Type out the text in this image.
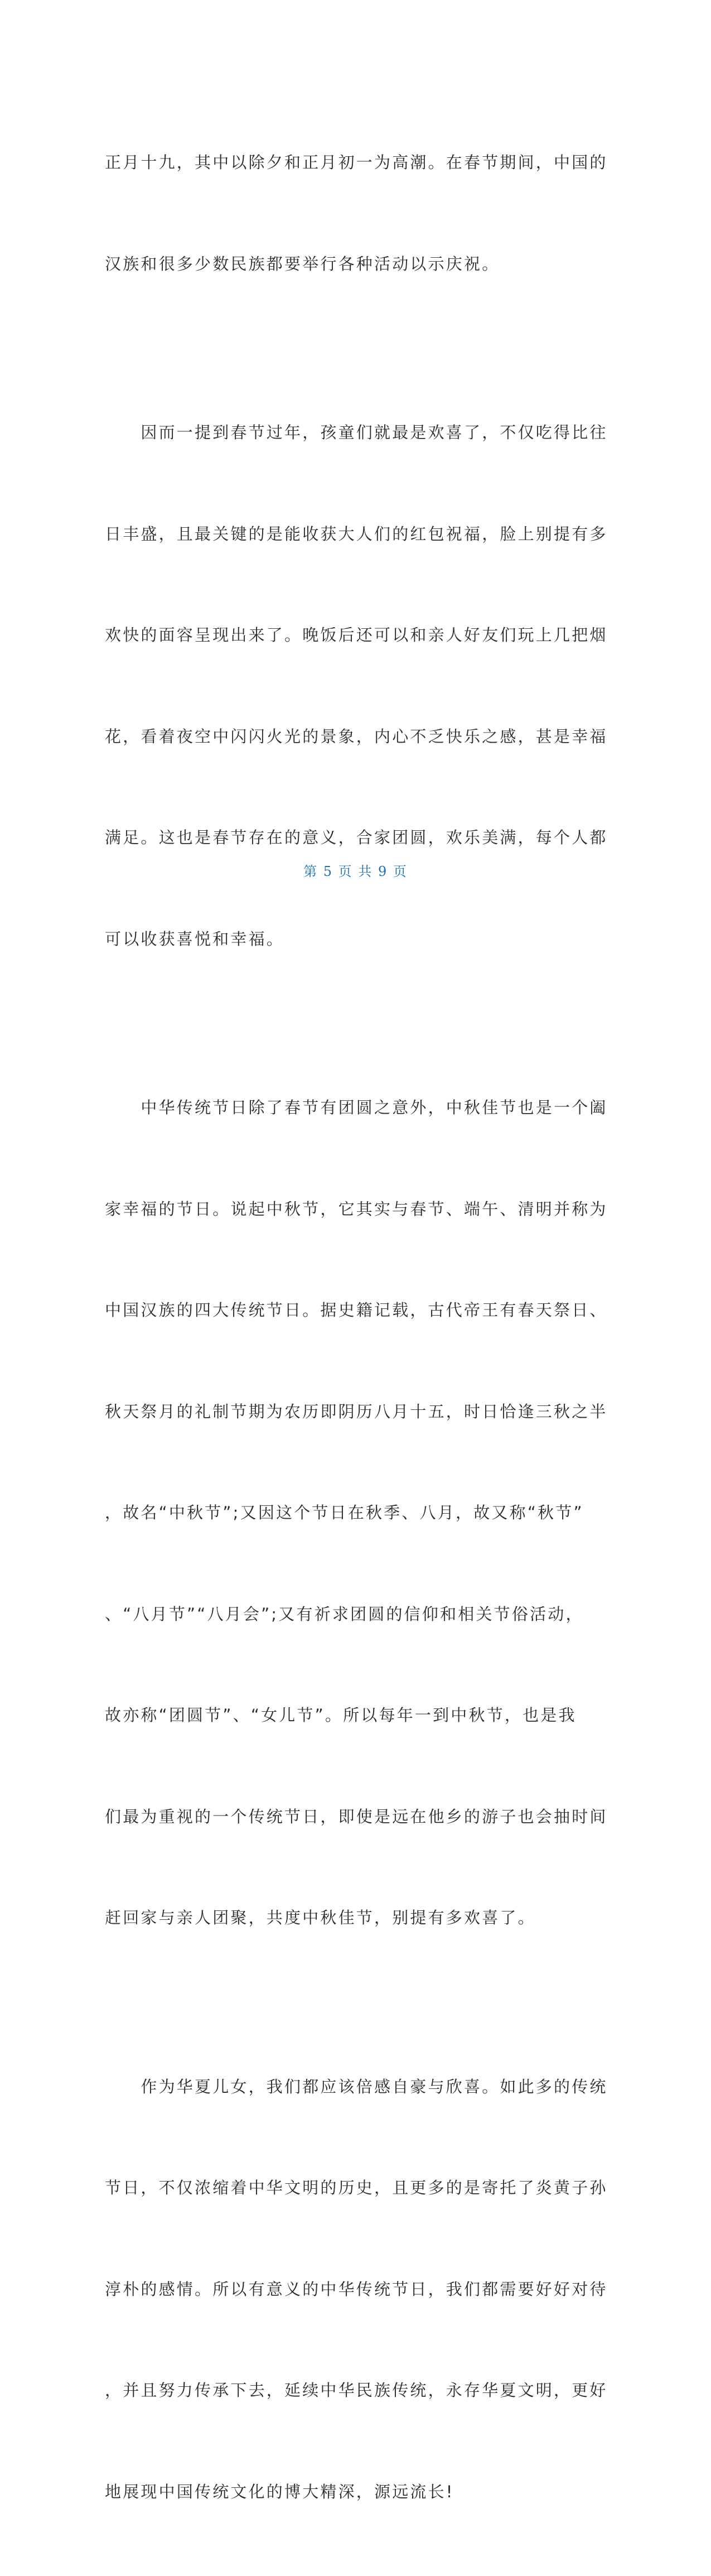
正月十九，其中以除夕和正月初一为高潮。在春节期间，中国的

汉族和很多少数民族都要举行各种活动以示庆祝。

　　因而一提到春节过年，孩童们就最是欢喜了，不仅吃得比往

日丰盛，且最关键的是能收获大人们的红包祝福，脸上别提有多

欢快的面容呈现出来了。晚饭后还可以和亲人好友们玩上几把烟

花，看着夜空中闪闪火光的景象，内心不乏快乐之感，甚是幸福

满足。这也是春节存在的意义，合家团圆，欢乐美满，每个人都

可以收获喜悦和幸福。

　　中华传统节日除了春节有团圆之意外，中秋佳节也是一个阖

家幸福的节日。说起中秋节，它其实与春节、端午、清明并称为

中国汉族的四大传统节日。据史籍记载，古代帝王有春天祭日、

秋天祭月的礼制节期为农历即阴历八月十五，时日恰逢三秋之半

，故名“中秋节”;又因这个节日在秋季、八月，故又称“秋节”

、“八月节”“八月会”;又有祈求团圆的信仰和相关节俗活动，

故亦称“团圆节”、“女儿节”。所以每年一到中秋节，也是我

们最为重视的一个传统节日，即使是远在他乡的游子也会抽时间

赶回家与亲人团聚，共度中秋佳节，别提有多欢喜了。

　　作为华夏儿女，我们都应该倍感自豪与欣喜。如此多的传统

节日，不仅浓缩着中华文明的历史，且更多的是寄托了炎黄子孙

淳朴的感情。所以有意义的中华传统节日，我们都需要好好对待

，并且努力传承下去，延续中华民族传统，永存华夏文明，更好

地展现中国传统文化的博大精深，源远流长!

第 5 页 共 9 页
